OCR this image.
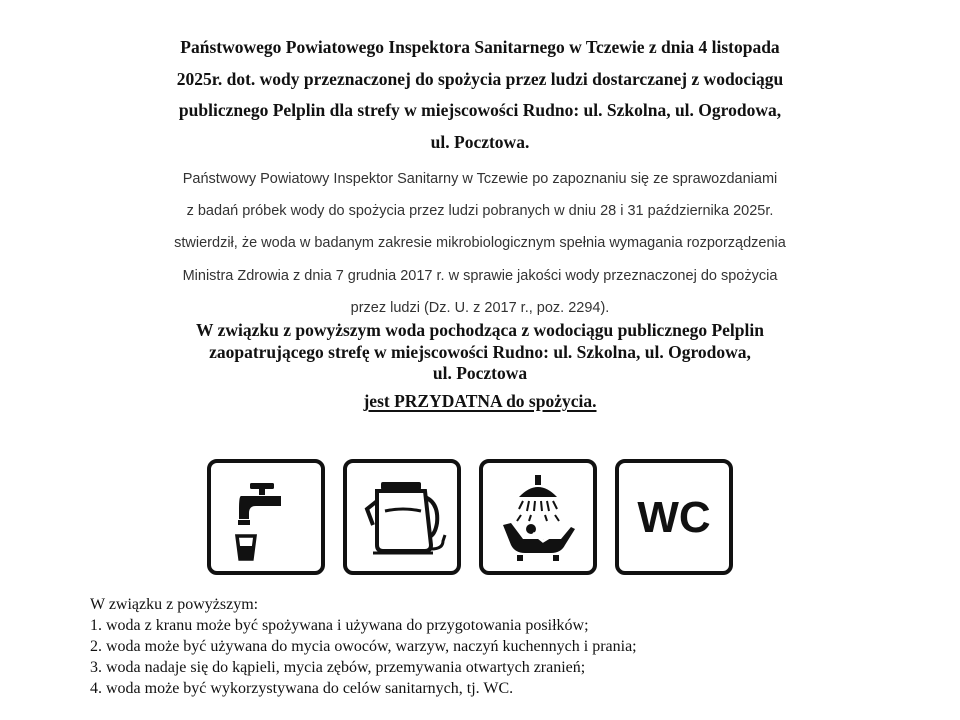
Państwowego Powiatowego Inspektora Sanitarnego w Tczewie z dnia 4 listopada
2025r. dot. wody przeznaczonej do spożycia przez ludzi dostarczanej z wodociągu
publicznego Pelplin dla strefy w miejscowości Rudno: ul. Szkolna, ul. Ogrodowa,
ul. Pocztowa.
Państwowy Powiatowy Inspektor Sanitarny w Tczewie po zapoznaniu się ze sprawozdaniami
z badań próbek wody do spożycia przez ludzi pobranych w dniu 28 i 31 października 2025r.
stwierdził, że woda w badanym zakresie mikrobiologicznym spełnia wymagania rozporządzenia
Ministra Zdrowia z dnia 7 grudnia 2017 r. w sprawie jakości wody przeznaczonej do spożycia
przez ludzi (Dz. U. z 2017 r., poz. 2294).
W związku z powyższym woda pochodząca z wodociągu publicznego Pelplin
zaopatrującego strefę w miejscowości Rudno: ul. Szkolna, ul. Ogrodowa,
ul. Pocztowa
jest PRZYDATNA do spożycia.
WC
W związku z powyższym:
1. woda z kranu może być spożywana i używana do przygotowania posiłków;
2. woda może być używana do mycia owoców, warzyw, naczyń kuchennych i prania;
3. woda nadaje się do kąpieli, mycia zębów, przemywania otwartych zranień;
4. woda może być wykorzystywana do celów sanitarnych, tj. WC.
